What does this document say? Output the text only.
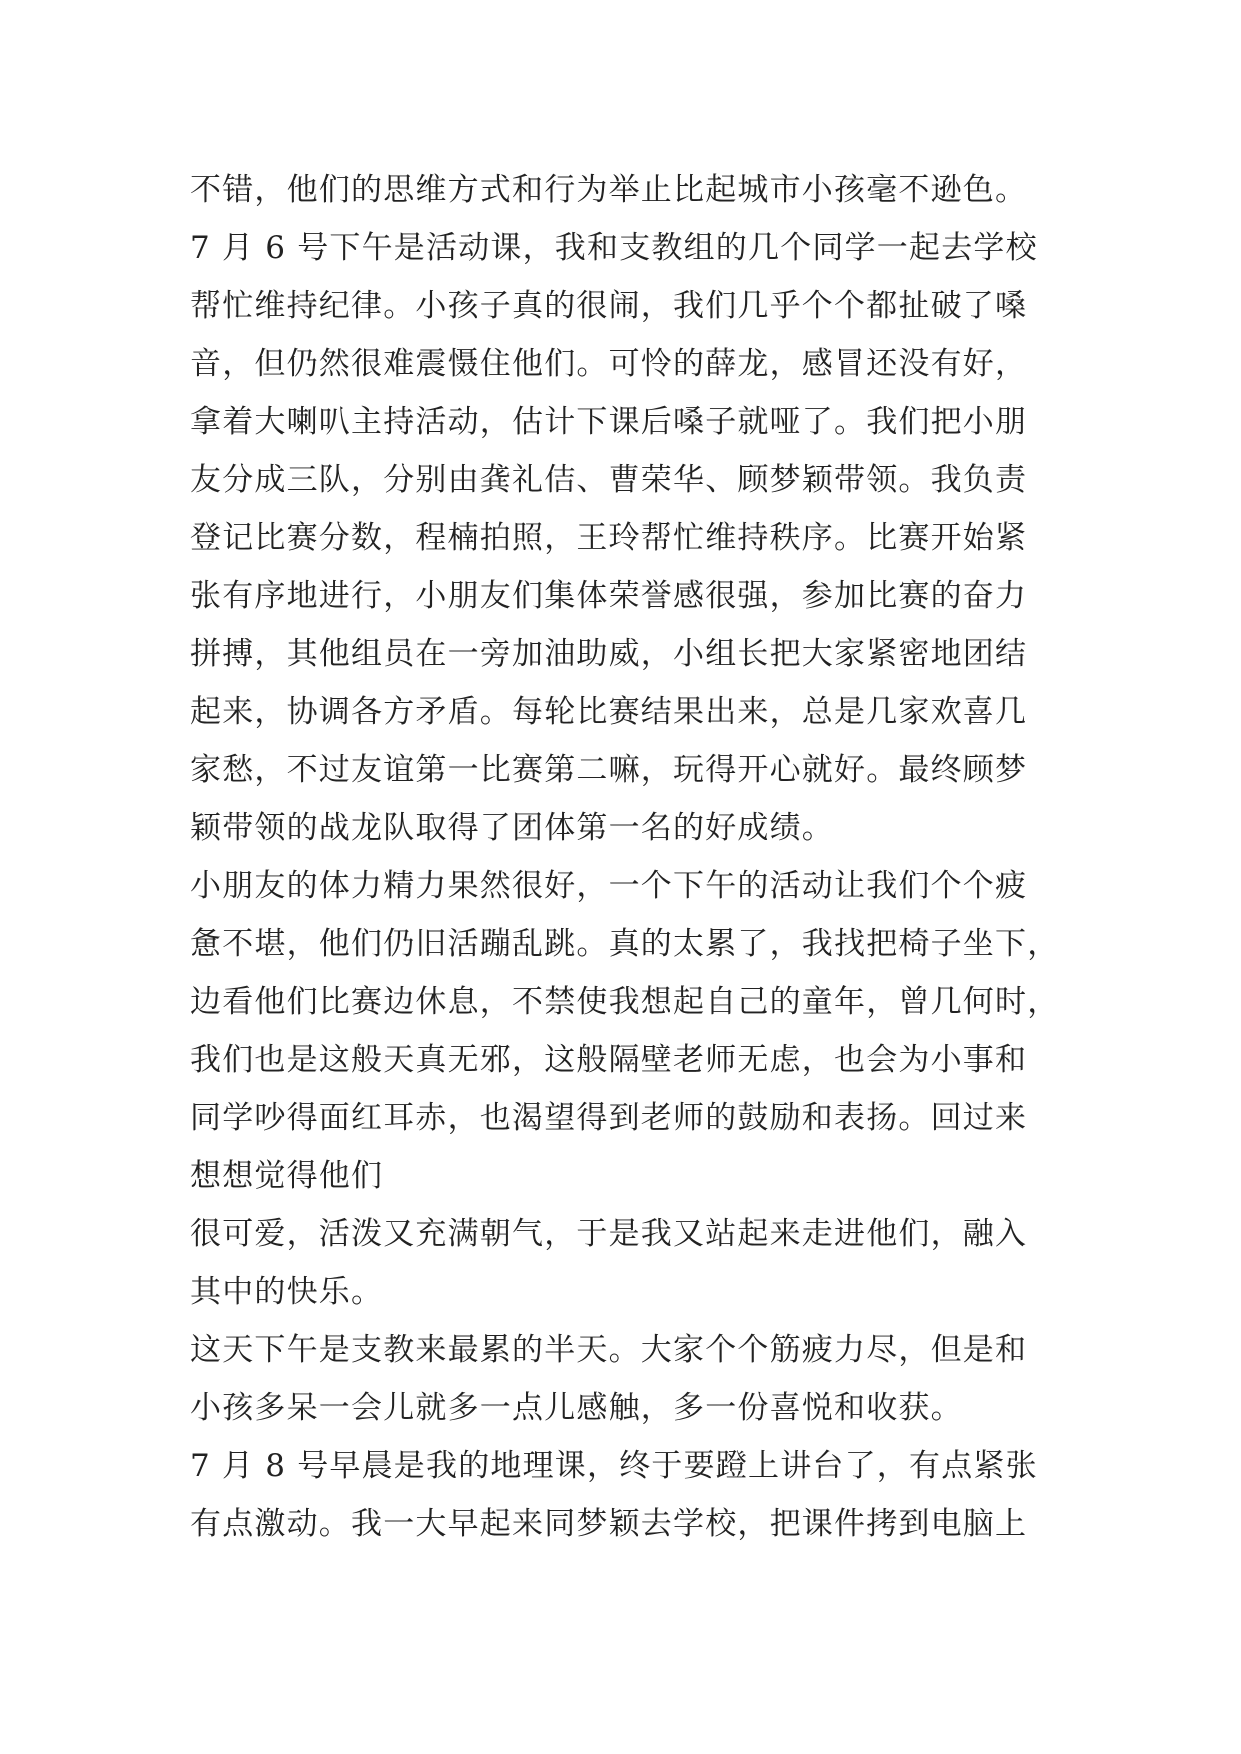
不错，他们的思维方式和行为举止比起城市小孩毫不逊色。
7 月 6 号下午是活动课，我和支教组的几个同学一起去学校
帮忙维持纪律。小孩子真的很闹，我们几乎个个都扯破了嗓
音，但仍然很难震慑住他们。可怜的薛龙，感冒还没有好，
拿着大喇叭主持活动，估计下课后嗓子就哑了。我们把小朋
友分成三队，分别由龚礼佶、曹荣华、顾梦颖带领。我负责
登记比赛分数，程楠拍照，王玲帮忙维持秩序。比赛开始紧
张有序地进行，小朋友们集体荣誉感很强，参加比赛的奋力
拼搏，其他组员在一旁加油助威，小组长把大家紧密地团结
起来，协调各方矛盾。每轮比赛结果出来，总是几家欢喜几
家愁，不过友谊第一比赛第二嘛，玩得开心就好。最终顾梦
颖带领的战龙队取得了团体第一名的好成绩。
小朋友的体力精力果然很好，一个下午的活动让我们个个疲
惫不堪，他们仍旧活蹦乱跳。真的太累了，我找把椅子坐下，
边看他们比赛边休息，不禁使我想起自己的童年，曾几何时，
我们也是这般天真无邪，这般隔壁老师无虑，也会为小事和
同学吵得面红耳赤，也渴望得到老师的鼓励和表扬。回过来
想想觉得他们
很可爱，活泼又充满朝气，于是我又站起来走进他们，融入
其中的快乐。
这天下午是支教来最累的半天。大家个个筋疲力尽，但是和
小孩多呆一会儿就多一点儿感触，多一份喜悦和收获。
7 月 8 号早晨是我的地理课，终于要蹬上讲台了，有点紧张
有点激动。我一大早起来同梦颖去学校，把课件拷到电脑上
